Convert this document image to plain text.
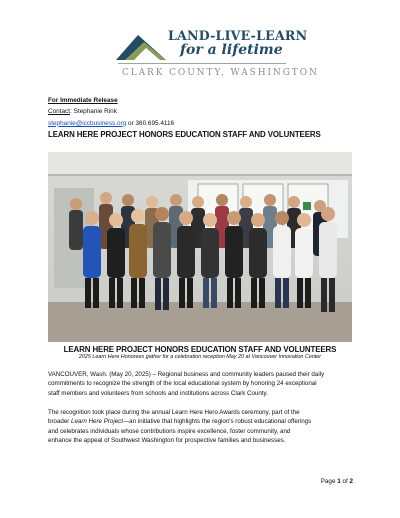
LAND-LIVE-LEARN
for a lifetime
CLARK COUNTY, WASHINGTON
For Immediate Release
Contact: Stephanie Rink
stephanie@iccbusiness.org or 360.695.4116
LEARN HERE PROJECT HONORS EDUCATION STAFF AND VOLUNTEERS
LEARN HERE PROJECT HONORS EDUCATION STAFF AND VOLUNTEERS
2025 Learn Here Honorees gather for a celebration reception May 20 at Vancouver Innovation Center
VANCOUVER, Wash. (May 20, 2025) – Regional business and community leaders paused their daily
commitments to recognize the strength of the local educational system by honoring 24 exceptional
staff members and volunteers from schools and institutions across Clark County.
The recognition took place during the annual Learn Here Hero Awards ceremony, part of the
broader Learn Here Project—an initiative that highlights the region's robust educational offerings
and celebrates individuals whose contributions inspire excellence, foster community, and
enhance the appeal of Southwest Washington for prospective families and businesses.
Page 1 of 2
